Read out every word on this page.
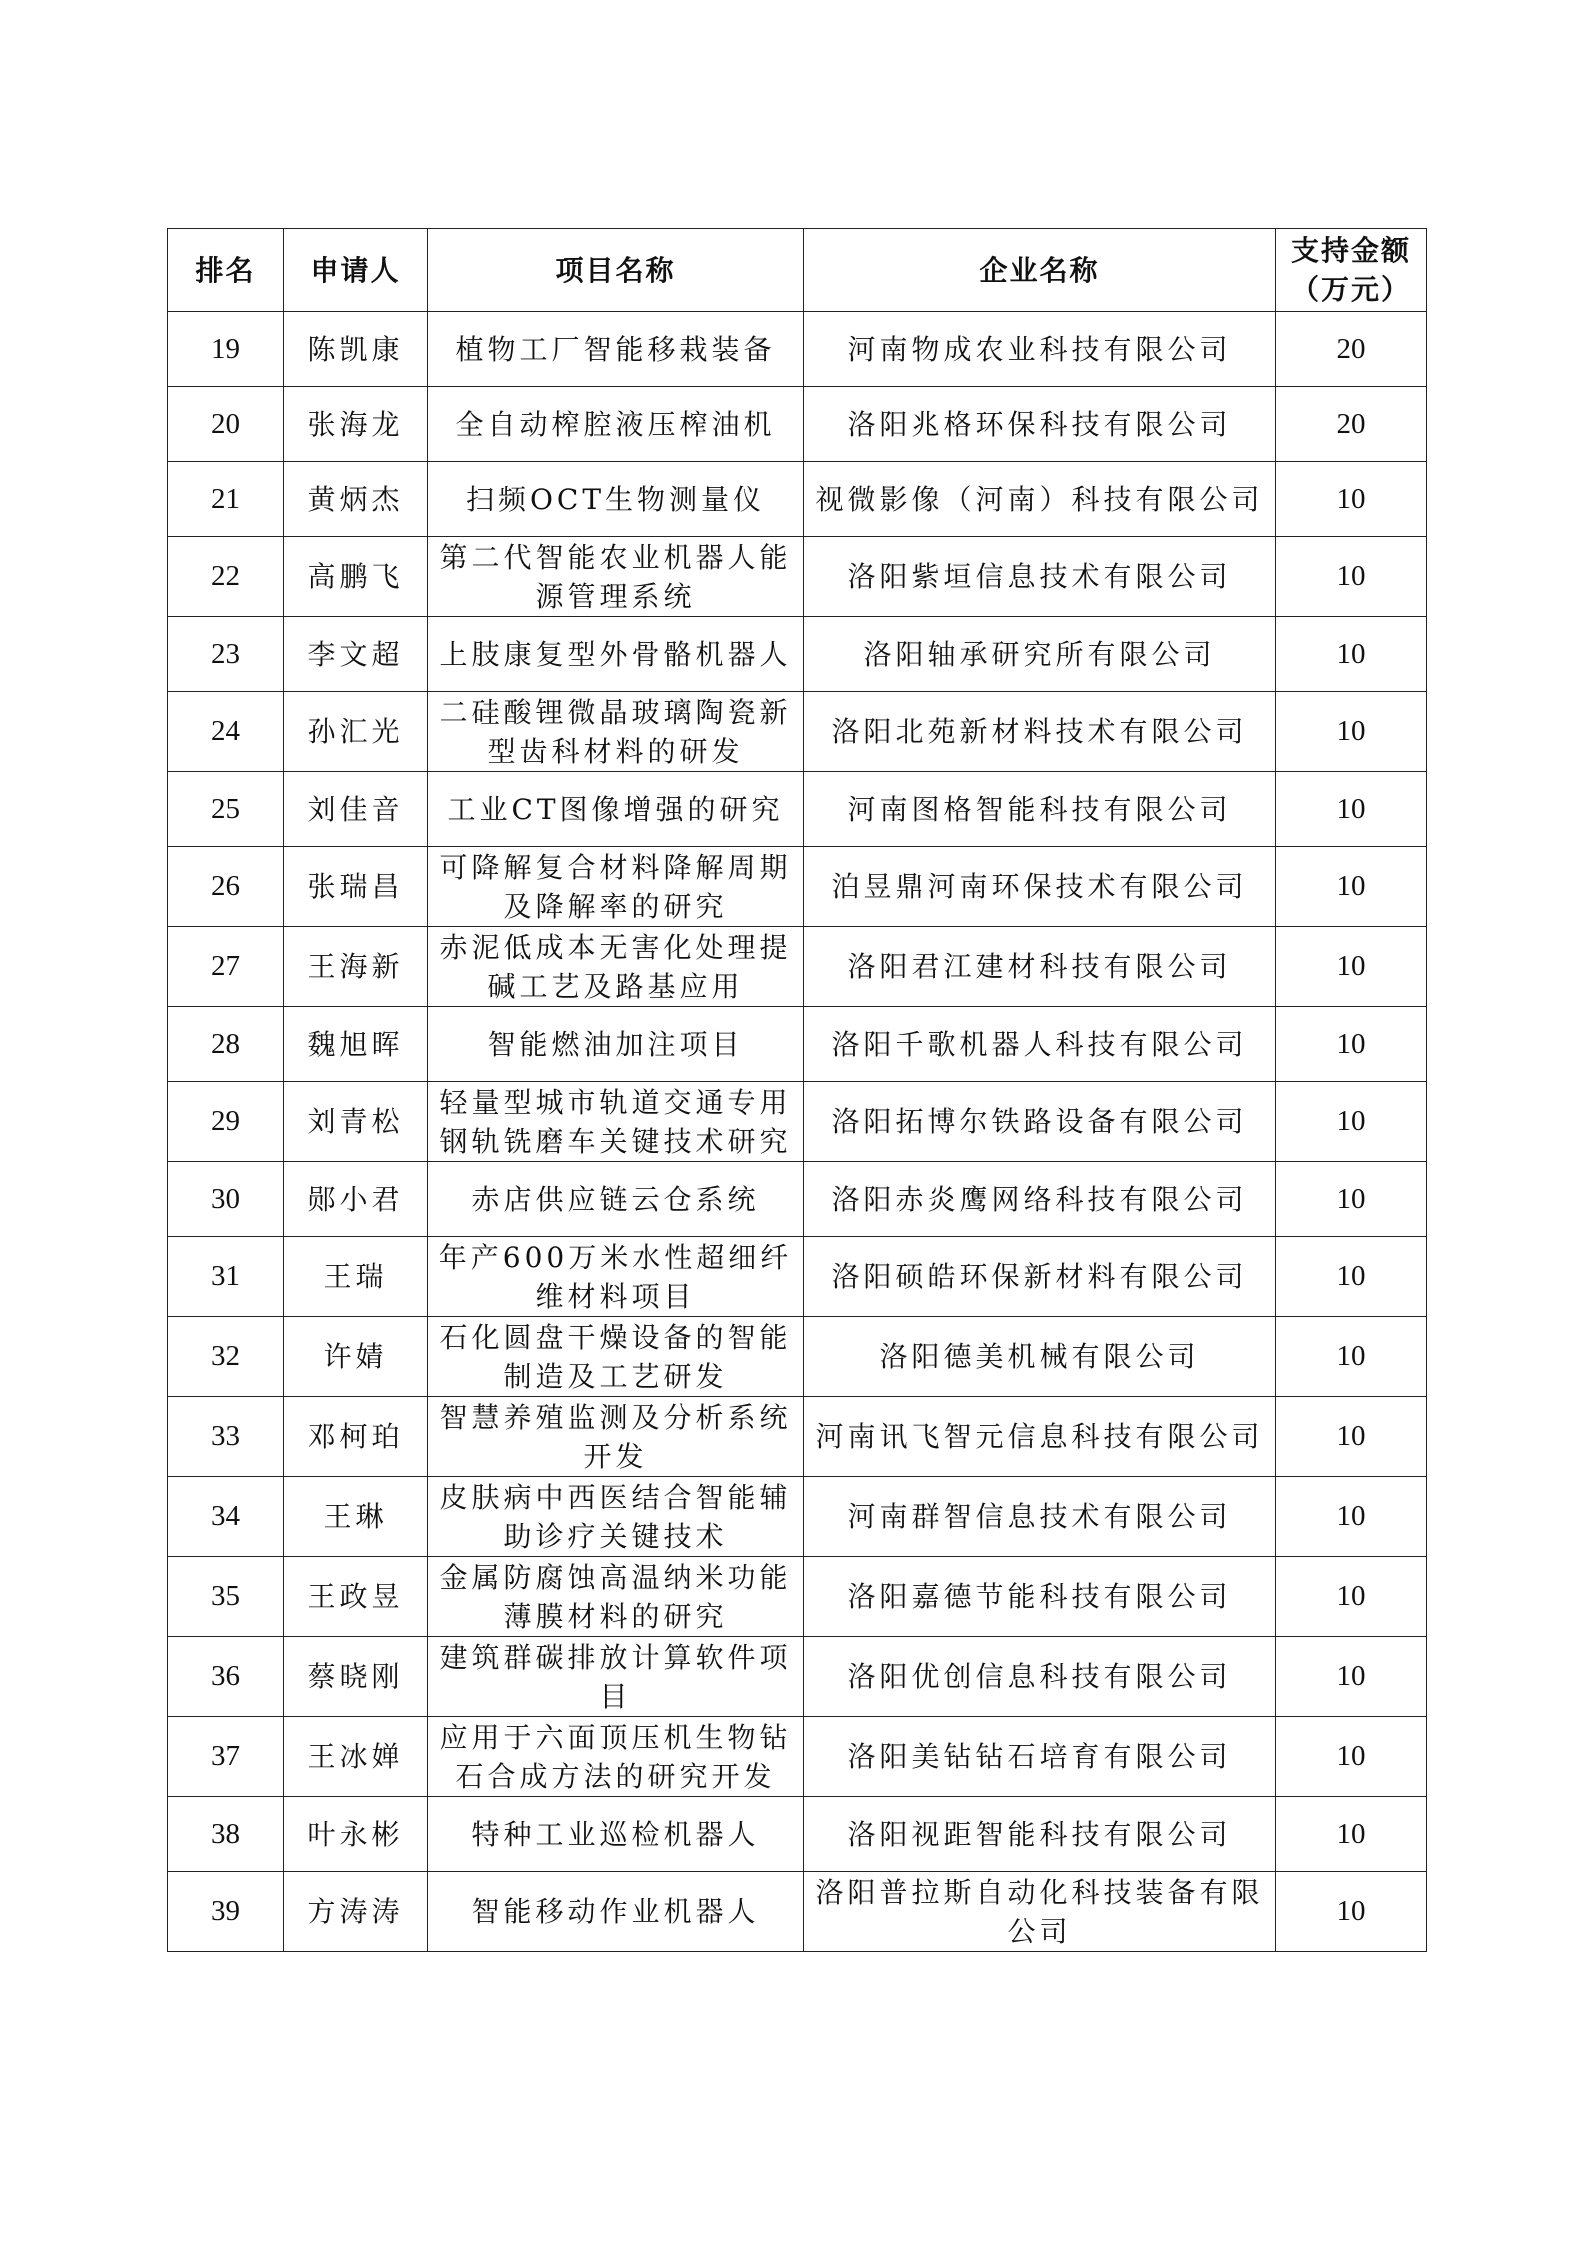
排名	申请人	项目名称	企业名称	支持金额
（万元）

19	陈凯康	植物工厂智能移栽装备	河南物成农业科技有限公司	20
20	张海龙	全自动榨腔液压榨油机	洛阳兆格环保科技有限公司	20
21	黄炳杰	扫频OCT生物测量仪	视微影像（河南）科技有限公司	10
22	高鹏飞	第二代智能农业机器人能源管理系统	洛阳紫垣信息技术有限公司	10
23	李文超	上肢康复型外骨骼机器人	洛阳轴承研究所有限公司	10
24	孙汇光	二硅酸锂微晶玻璃陶瓷新型齿科材料的研发	洛阳北苑新材料技术有限公司	10
25	刘佳音	工业CT图像增强的研究	河南图格智能科技有限公司	10
26	张瑞昌	可降解复合材料降解周期及降解率的研究	泊昱鼎河南环保技术有限公司	10
27	王海新	赤泥低成本无害化处理提碱工艺及路基应用	洛阳君江建材科技有限公司	10
28	魏旭晖	智能燃油加注项目	洛阳千歌机器人科技有限公司	10
29	刘青松	轻量型城市轨道交通专用钢轨铣磨车关键技术研究	洛阳拓博尔铁路设备有限公司	10
30	郧小君	赤店供应链云仓系统	洛阳赤炎鹰网络科技有限公司	10
31	王瑞	年产600万米水性超细纤维材料项目	洛阳硕皓环保新材料有限公司	10
32	许婧	石化圆盘干燥设备的智能制造及工艺研发	洛阳德美机械有限公司	10
33	邓柯珀	智慧养殖监测及分析系统开发	河南讯飞智元信息科技有限公司	10
34	王琳	皮肤病中西医结合智能辅助诊疗关键技术	河南群智信息技术有限公司	10
35	王政昱	金属防腐蚀高温纳米功能薄膜材料的研究	洛阳嘉德节能科技有限公司	10
36	蔡晓刚	建筑群碳排放计算软件项目	洛阳优创信息科技有限公司	10
37	王冰婵	应用于六面顶压机生物钻石合成方法的研究开发	洛阳美钻钻石培育有限公司	10
38	叶永彬	特种工业巡检机器人	洛阳视距智能科技有限公司	10
39	方涛涛	智能移动作业机器人	洛阳普拉斯自动化科技装备有限公司	10
